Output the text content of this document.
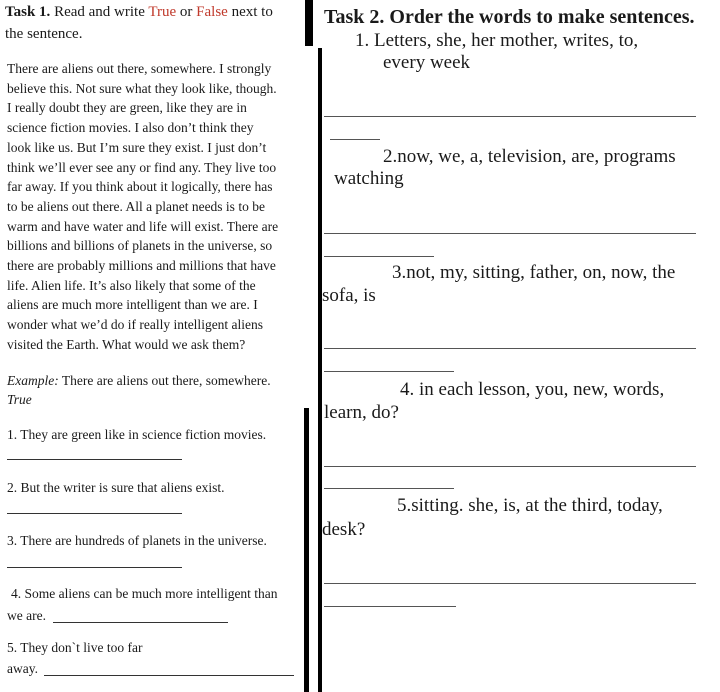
Task 1. Read and write True or False next to
the sentence.
There are aliens out there, somewhere. I strongly
believe this. Not sure what they look like, though.
I really doubt they are green, like they are in
science fiction movies. I also don’t think they
look like us. But I’m sure they exist. I just don’t
think we’ll ever see any or find any. They live too
far away. If you think about it logically, there has
to be aliens out there. All a planet needs is to be
warm and have water and life will exist. There are
billions and billions of planets in the universe, so
there are probably millions and millions that have
life. Alien life. It’s also likely that some of the
aliens are much more intelligent than we are. I
wonder what we’d do if really intelligent aliens
visited the Earth. What would we ask them?
Example: There are aliens out there, somewhere.
True
1. They are green like in science fiction movies.
2. But the writer is sure that aliens exist.
3. There are hundreds of planets in the universe.
4. Some aliens can be much more intelligent than
we are.
5. They don`t live too far
away.
Task 2. Order the words to make sentences.
1. Letters, she, her mother, writes, to,
every week
2.now, we, a, television, are, programs
watching
3.not, my, sitting, father, on, now, the
sofa, is
4. in each lesson, you, new, words,
learn, do?
5.sitting. she, is, at the third, today,
desk?
